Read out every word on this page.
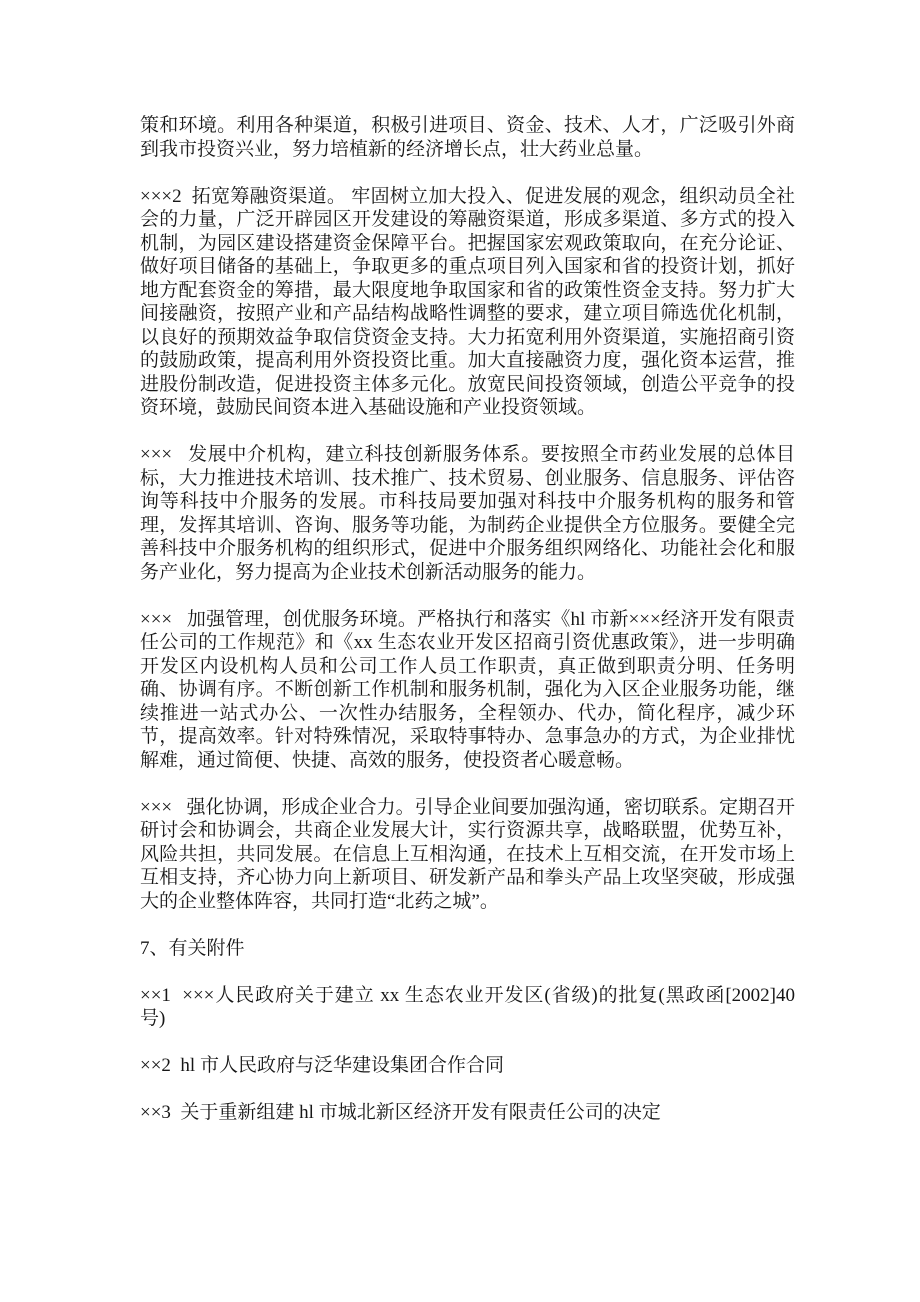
策和环境。利用各种渠道，积极引进项目、资金、技术、人才，广泛吸引外商到我市投资兴业，努力培植新的经济增长点，壮大药业总量。

×××2  拓宽筹融资渠道。 牢固树立加大投入、促进发展的观念，组织动员全社会的力量，广泛开辟园区开发建设的筹融资渠道，形成多渠道、多方式的投入机制，为园区建设搭建资金保障平台。把握国家宏观政策取向，在充分论证、做好项目储备的基础上，争取更多的重点项目列入国家和省的投资计划，抓好地方配套资金的筹措，最大限度地争取国家和省的政策性资金支持。努力扩大间接融资，按照产业和产品结构战略性调整的要求，建立项目筛选优化机制，以良好的预期效益争取信贷资金支持。大力拓宽利用外资渠道，实施招商引资的鼓励政策，提高利用外资投资比重。加大直接融资力度，强化资本运营，推进股份制改造，促进投资主体多元化。放宽民间投资领域，创造公平竞争的投资环境，鼓励民间资本进入基础设施和产业投资领域。

×××   发展中介机构，建立科技创新服务体系。要按照全市药业发展的总体目标，大力推进技术培训、技术推广、技术贸易、创业服务、信息服务、评估咨询等科技中介服务的发展。市科技局要加强对科技中介服务机构的服务和管理，发挥其培训、咨询、服务等功能，为制药企业提供全方位服务。要健全完善科技中介服务机构的组织形式，促进中介服务组织网络化、功能社会化和服务产业化，努力提高为企业技术创新活动服务的能力。

×××   加强管理，创优服务环境。严格执行和落实《hl 市新×××经济开发有限责任公司的工作规范》和《xx 生态农业开发区招商引资优惠政策》，进一步明确开发区内设机构人员和公司工作人员工作职责，真正做到职责分明、任务明确、协调有序。不断创新工作机制和服务机制，强化为入区企业服务功能，继续推进一站式办公、一次性办结服务，全程领办、代办，简化程序，减少环节，提高效率。针对特殊情况，采取特事特办、急事急办的方式，为企业排忧解难，通过简便、快捷、高效的服务，使投资者心暖意畅。

×××   强化协调，形成企业合力。引导企业间要加强沟通，密切联系。定期召开研讨会和协调会，共商企业发展大计，实行资源共享，战略联盟，优势互补，风险共担，共同发展。在信息上互相沟通，在技术上互相交流，在开发市场上互相支持，齐心协力向上新项目、研发新产品和拳头产品上攻坚突破，形成强大的企业整体阵容，共同打造“北药之城”。

7、有关附件

××1  ×××人民政府关于建立 xx 生态农业开发区(省级)的批复(黑政函[2002]40 号)

××2  hl 市人民政府与泛华建设集团合作合同

××3  关于重新组建 hl 市城北新区经济开发有限责任公司的决定
